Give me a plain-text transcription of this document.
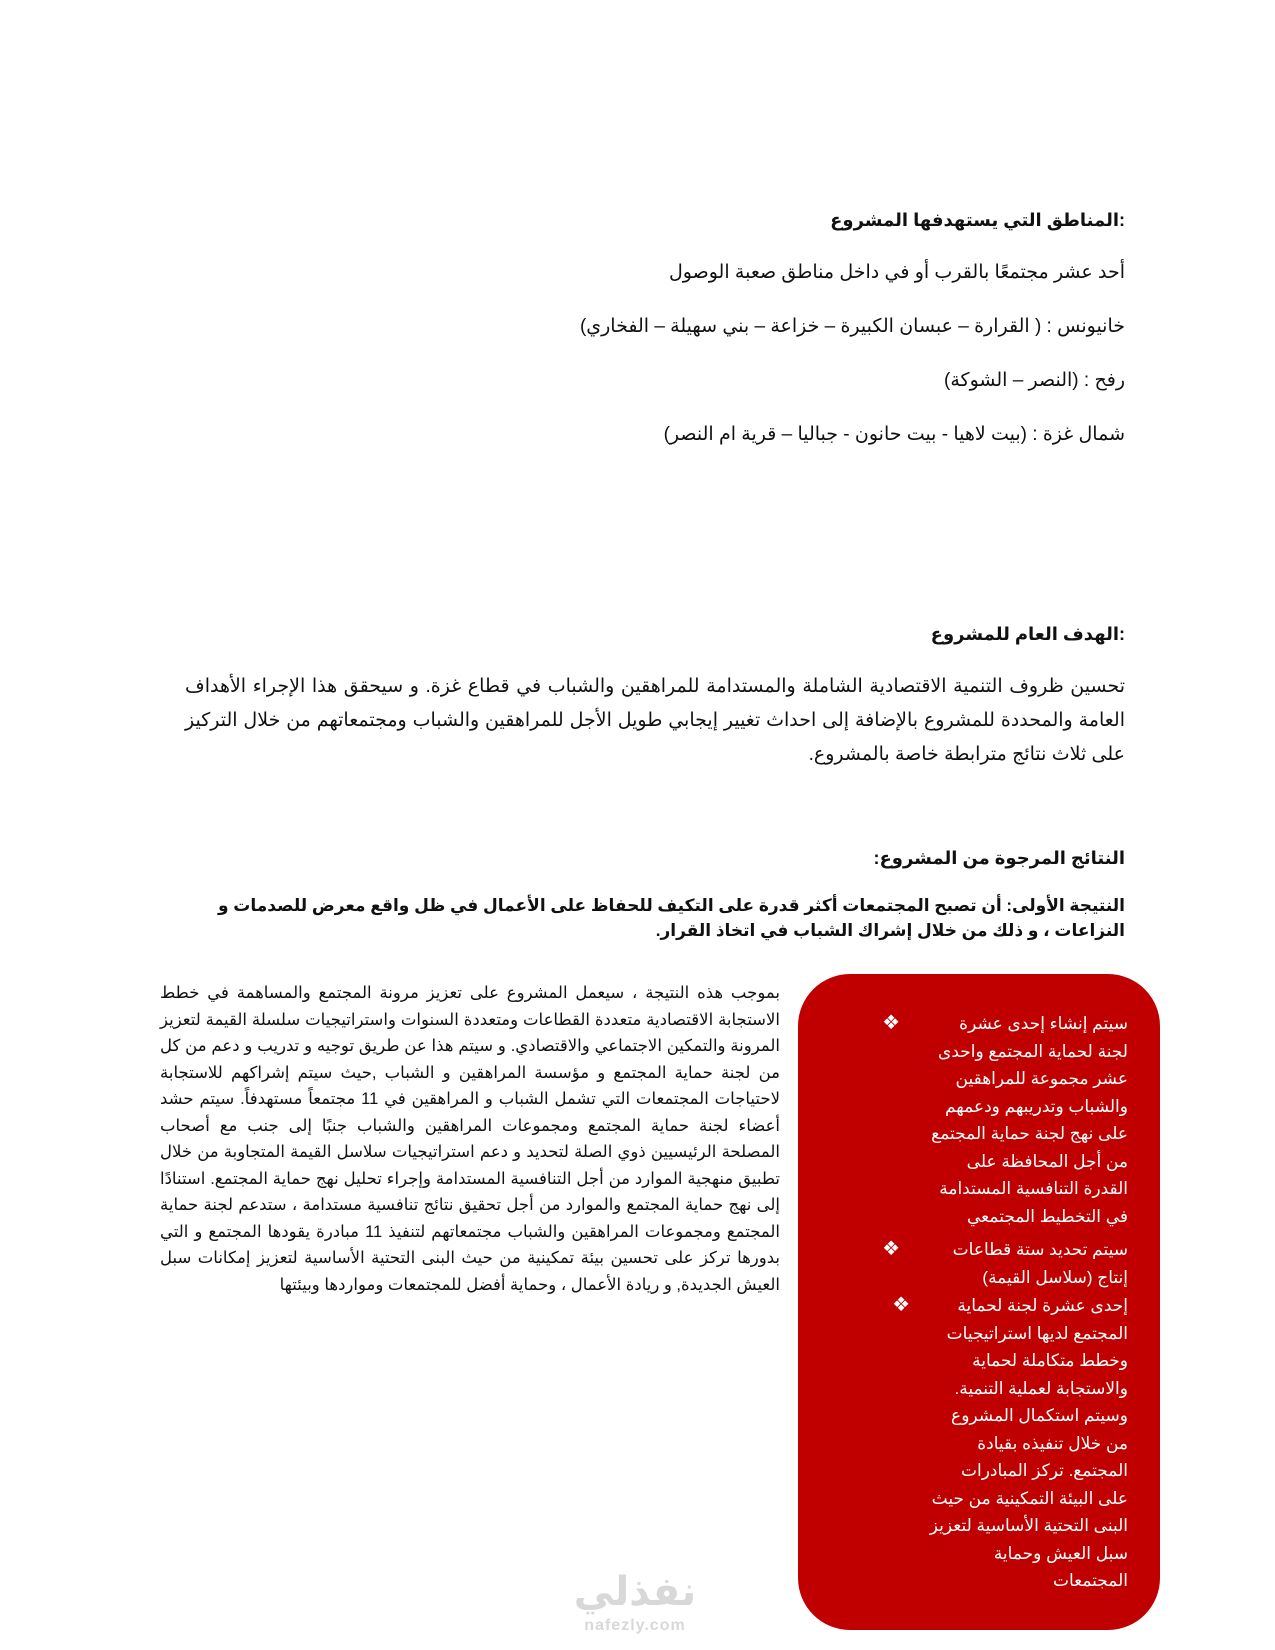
:المناطق التي يستهدفها المشروع
أحد عشر مجتمعًا بالقرب أو في داخل مناطق صعبة الوصول
خانيونس : ( القرارة – عبسان الكبيرة – خزاعة – بني سهيلة – الفخاري)
رفح : (النصر – الشوكة)
شمال غزة : (بيت لاهيا - بيت حانون - جباليا – قرية ام النصر)
:الهدف العام للمشروع
تحسين ظروف التنمية الاقتصادية الشاملة والمستدامة للمراهقين والشباب في قطاع غزة. و سيحقق هذا الإجراء الأهداف العامة والمحددة للمشروع بالإضافة إلى احداث تغيير إيجابي طويل الأجل للمراهقين والشباب ومجتمعاتهم من خلال التركيز على ثلاث نتائج مترابطة خاصة بالمشروع.
النتائج المرجوة من المشروع:
النتيجة الأولى: أن تصبح المجتمعات أكثر قدرة على التكيف للحفاظ على الأعمال في ظل واقع معرض للصدمات و النزاعات ، و ذلك من خلال إشراك الشباب في اتخاذ القرار.
❖	سيتم إنشاء إحدى عشرة لجنة لحماية المجتمع واحدى عشر مجموعة للمراهقين والشباب وتدريبهم ودعمهم على نهج لجنة حماية المجتمع من أجل المحافظة على القدرة التنافسية المستدامة في التخطيط المجتمعي
❖	سيتم تحديد ستة قطاعات إنتاج (سلاسل القيمة)
❖	إحدى عشرة لجنة لحماية المجتمع لديها استراتيجيات وخطط متكاملة لحماية والاستجابة لعملية التنمية. وسيتم استكمال المشروع من خلال تنفيذه بقيادة المجتمع. تركز المبادرات على البيئة التمكينية من حيث البنى التحتية الأساسية لتعزيز سبل العيش وحماية المجتمعات
بموجب هذه النتيجة ، سيعمل المشروع على تعزيز مرونة المجتمع والمساهمة في خطط الاستجابة الاقتصادية متعددة القطاعات ومتعددة السنوات واستراتيجيات سلسلة القيمة لتعزيز المرونة والتمكين الاجتماعي والاقتصادي. و سيتم هذا عن طريق توجيه و تدريب و دعم من كل من لجنة حماية المجتمع و مؤسسة المراهقين و الشباب ,حيث سيتم إشراكهم للاستجابة لاحتياجات المجتمعات التي تشمل الشباب و المراهقين في 11 مجتمعاً مستهدفاً. سيتم حشد أعضاء لجنة حماية المجتمع ومجموعات المراهقين والشباب جنبًا إلى جنب مع أصحاب المصلحة الرئيسيين ذوي الصلة لتحديد و دعم استراتيجيات سلاسل القيمة المتجاوبة من خلال تطبيق منهجية الموارد من أجل التنافسية المستدامة وإجراء تحليل نهج حماية المجتمع. استنادًا إلى نهج حماية المجتمع والموارد من أجل تحقيق نتائج تنافسية مستدامة ، ستدعم لجنة حماية المجتمع ومجموعات المراهقين والشباب مجتمعاتهم لتنفيذ 11 مبادرة يقودها المجتمع و التي بدورها تركز على تحسين بيئة تمكينية من حيث البنى التحتية الأساسية لتعزيز إمكانات سبل العيش الجديدة, و ريادة الأعمال ، وحماية أفضل للمجتمعات ومواردها وبيئتها
نفذلي
nafezly.com
